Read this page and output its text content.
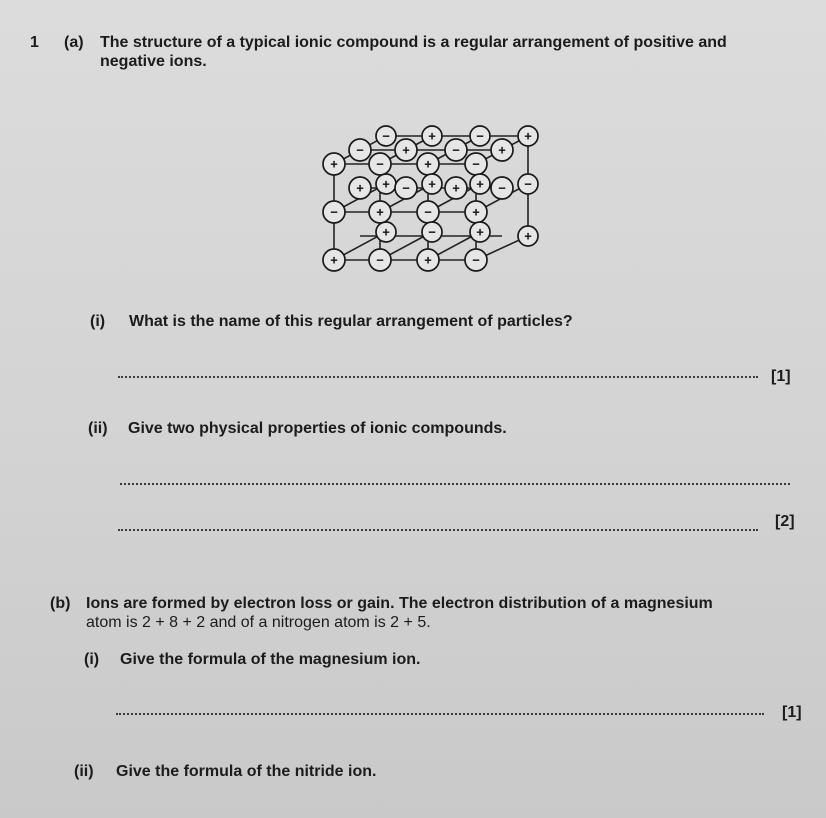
1 (a) The structure of a typical ionic compound is a regular arrangement of positive and
negative ions.
−	+	−	+
−	+	−	+
+	−	+	−
+	+	+	−
+	−	+	−
−	+	−	+
+	−	+	+
+	−	+	−
(i) What is the name of this regular arrangement of particles?
[1]
(ii) Give two physical properties of ionic compounds.
[2]
(b) Ions are formed by electron loss or gain. The electron distribution of a magnesium
atom is 2 + 8 + 2 and of a nitrogen atom is 2 + 5.
(i) Give the formula of the magnesium ion.
[1]
(ii) Give the formula of the nitride ion.
